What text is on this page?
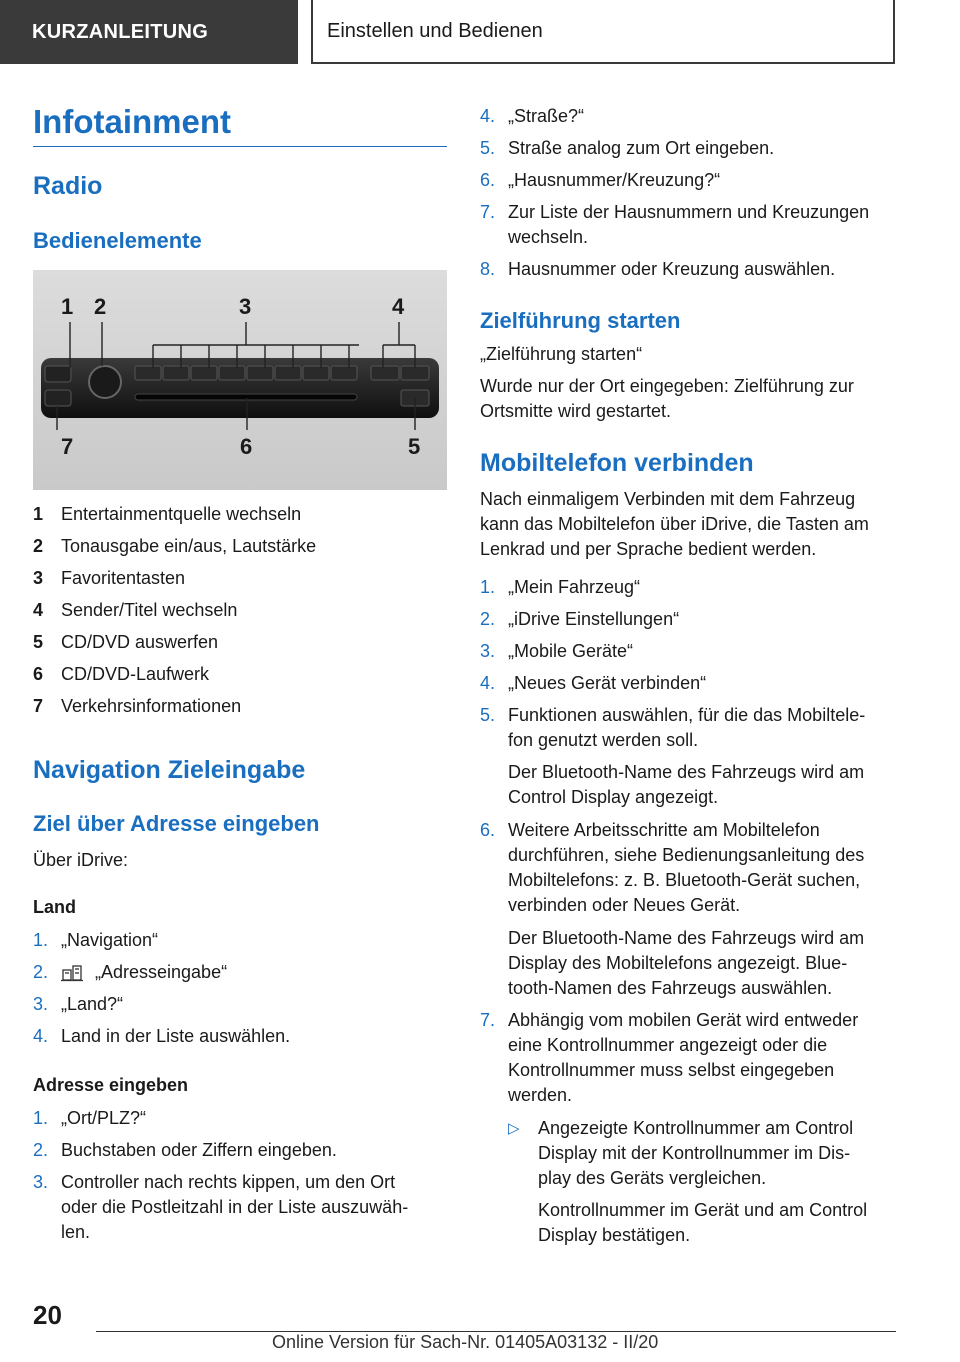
KURZANLEITUNG	Einstellen und Bedienen
Infotainment
Radio
Bedienelemente
1 2	3	4
7	6	5
1 Entertainmentquelle wechseln
2 Tonausgabe ein/aus, Lautstärke
3 Favoritentasten
4 Sender/Titel wechseln
5 CD/DVD auswerfen
6 CD/DVD-Laufwerk
7 Verkehrsinformationen
Navigation Zieleingabe
Ziel über Adresse eingeben
Über iDrive:
Land
1. „Navigation“
2.	„Adresseingabe“
3. „Land?“
4. Land in der Liste auswählen.
Adresse eingeben
1. „Ort/PLZ?“
2. Buchstaben oder Ziffern eingeben.
3. Controller nach rechts kippen, um den Ort
oder die Postleitzahl in der Liste auszuwäh-
len.
4. „Straße?“
5. Straße analog zum Ort eingeben.
6. „Hausnummer/Kreuzung?“
7. Zur Liste der Hausnummern und Kreuzungen
wechseln.
8. Hausnummer oder Kreuzung auswählen.
Zielführung starten
„Zielführung starten“
Wurde nur der Ort eingegeben: Zielführung zur
Ortsmitte wird gestartet.
Mobiltelefon verbinden
Nach einmaligem Verbinden mit dem Fahrzeug
kann das Mobiltelefon über iDrive, die Tasten am
Lenkrad und per Sprache bedient werden.
1. „Mein Fahrzeug“
2. „iDrive Einstellungen“
3. „Mobile Geräte“
4. „Neues Gerät verbinden“
5. Funktionen auswählen, für die das Mobiltele-
fon genutzt werden soll.
Der Bluetooth-Name des Fahrzeugs wird am
Control Display angezeigt.
6. Weitere Arbeitsschritte am Mobiltelefon
durchführen, siehe Bedienungsanleitung des
Mobiltelefons: z. B. Bluetooth-Gerät suchen,
verbinden oder Neues Gerät.
Der Bluetooth-Name des Fahrzeugs wird am
Display des Mobiltelefons angezeigt. Blue-
tooth-Namen des Fahrzeugs auswählen.
7. Abhängig vom mobilen Gerät wird entweder
eine Kontrollnummer angezeigt oder die
Kontrollnummer muss selbst eingegeben
werden.
▷ Angezeigte Kontrollnummer am Control
Display mit der Kontrollnummer im Dis-
play des Geräts vergleichen.
Kontrollnummer im Gerät und am Control
Display bestätigen.
20
Online Version für Sach-Nr. 01405A03132 - II/20
